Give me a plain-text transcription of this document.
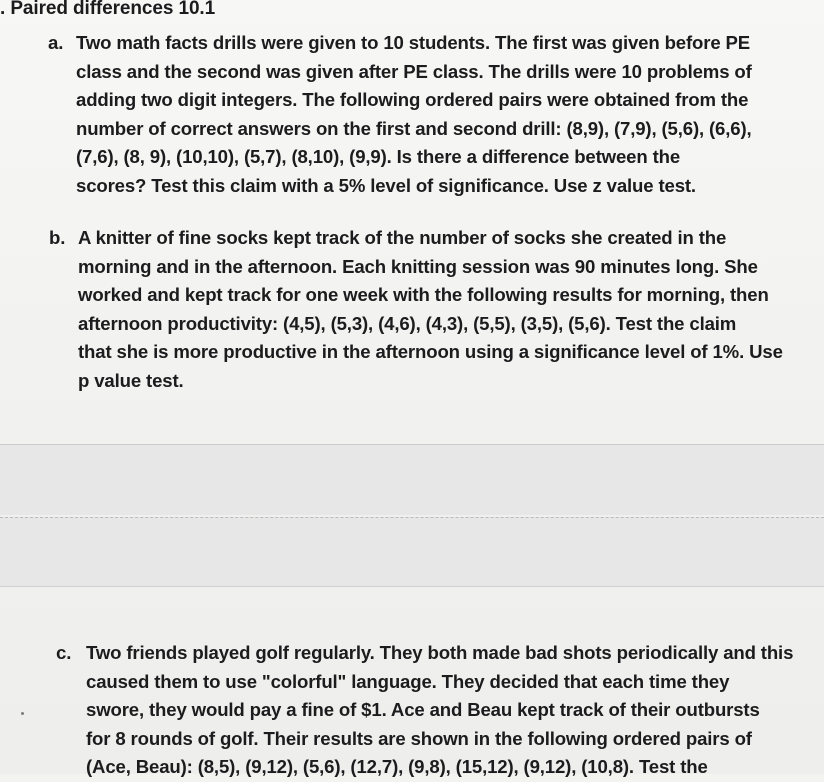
. Paired differences 10.1
a. Two math facts drills were given to 10 students. The first was given before PE
class and the second was given after PE class. The drills were 10 problems of
adding two digit integers. The following ordered pairs were obtained from the
number of correct answers on the first and second drill: (8,9), (7,9), (5,6), (6,6),
(7,6), (8, 9), (10,10), (5,7), (8,10), (9,9). Is there a difference between the
scores? Test this claim with a 5% level of significance. Use z value test.
b. A knitter of fine socks kept track of the number of socks she created in the
morning and in the afternoon. Each knitting session was 90 minutes long. She
worked and kept track for one week with the following results for morning, then
afternoon productivity: (4,5), (5,3), (4,6), (4,3), (5,5), (3,5), (5,6). Test the claim
that she is more productive in the afternoon using a significance level of 1%. Use
p value test.
c. Two friends played golf regularly. They both made bad shots periodically and this
caused them to use "colorful" language. They decided that each time they
swore, they would pay a fine of $1. Ace and Beau kept track of their outbursts
for 8 rounds of golf. Their results are shown in the following ordered pairs of
(Ace, Beau): (8,5), (9,12), (5,6), (12,7), (9,8), (15,12), (9,12), (10,8). Test the
